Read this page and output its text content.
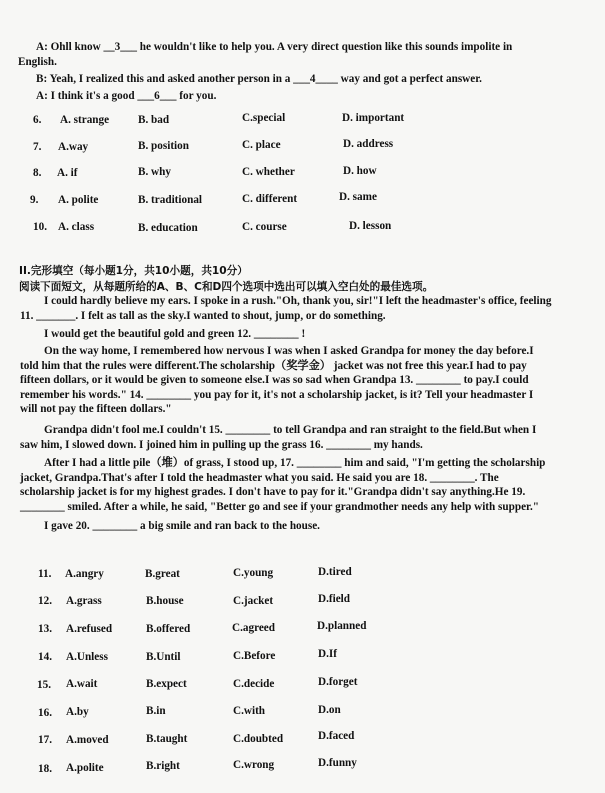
A: Ohll know __3___ he wouldn't like to help you. A very direct question like this sounds impolite in
English.
B: Yeah, I realized this and asked another person in a ___4____ way and got a perfect answer.
A: I think it's a good ___6___ for you.
6. A. strange	B. bad	C.special	D. important
7. A.way	B. position	C. place	D. address
8. A. if	B. why	C. whether	D. how
9. A. polite	B. traditional	C. different	D. same
10. A. class	B. education	C. course	D. lesson
II.完形填空（每小题1分，共10小题，共10分）
阅读下面短文，从每题所给的A、B、C和D四个选项中选出可以填入空白处的最佳选项。
I could hardly believe my ears. I spoke in a rush."Oh, thank you, sir!"I left the headmaster's office, feeling 11. _______. I felt as tall as the sky.I wanted to shout, jump, or do something.
I would get the beautiful gold and green 12. ________ !
On the way home, I remembered how nervous I was when I asked Grandpa for money the day before.I told him that the rules were different.The scholarship（奖学金） jacket was not free this year.I had to pay fifteen dollars, or it would be given to someone else.I was so sad when Grandpa 13. ________ to pay.I could remember his words." 14. ________ you pay for it, it's not a scholarship jacket, is it? Tell your headmaster I will not pay the fifteen dollars."
Grandpa didn't fool me.I couldn't 15. ________ to tell Grandpa and ran straight to the field.But when I saw him, I slowed down. I joined him in pulling up the grass 16. ________ my hands.
After I had a little pile（堆）of grass, I stood up, 17. ________ him and said, "I'm getting the scholarship jacket, Grandpa.That's after I told the headmaster what you said. He said you are 18. ________. The scholarship jacket is for my highest grades. I don't have to pay for it."Grandpa didn't say anything.He 19. ________ smiled. After a while, he said, "Better go and see if your grandmother needs any help with supper."
I gave 20. ________ a big smile and ran back to the house.
11. A.angry	B.great	C.young	D.tired
12. A.grass	B.house	C.jacket	D.field
13. A.refused	B.offered	C.agreed	D.planned
14. A.Unless	B.Until	C.Before	D.If
15. A.wait	B.expect	C.decide	D.forget
16. A.by	B.in	C.with	D.on
17. A.moved	B.taught	C.doubted	D.faced
18. A.polite	B.right	C.wrong	D.funny
